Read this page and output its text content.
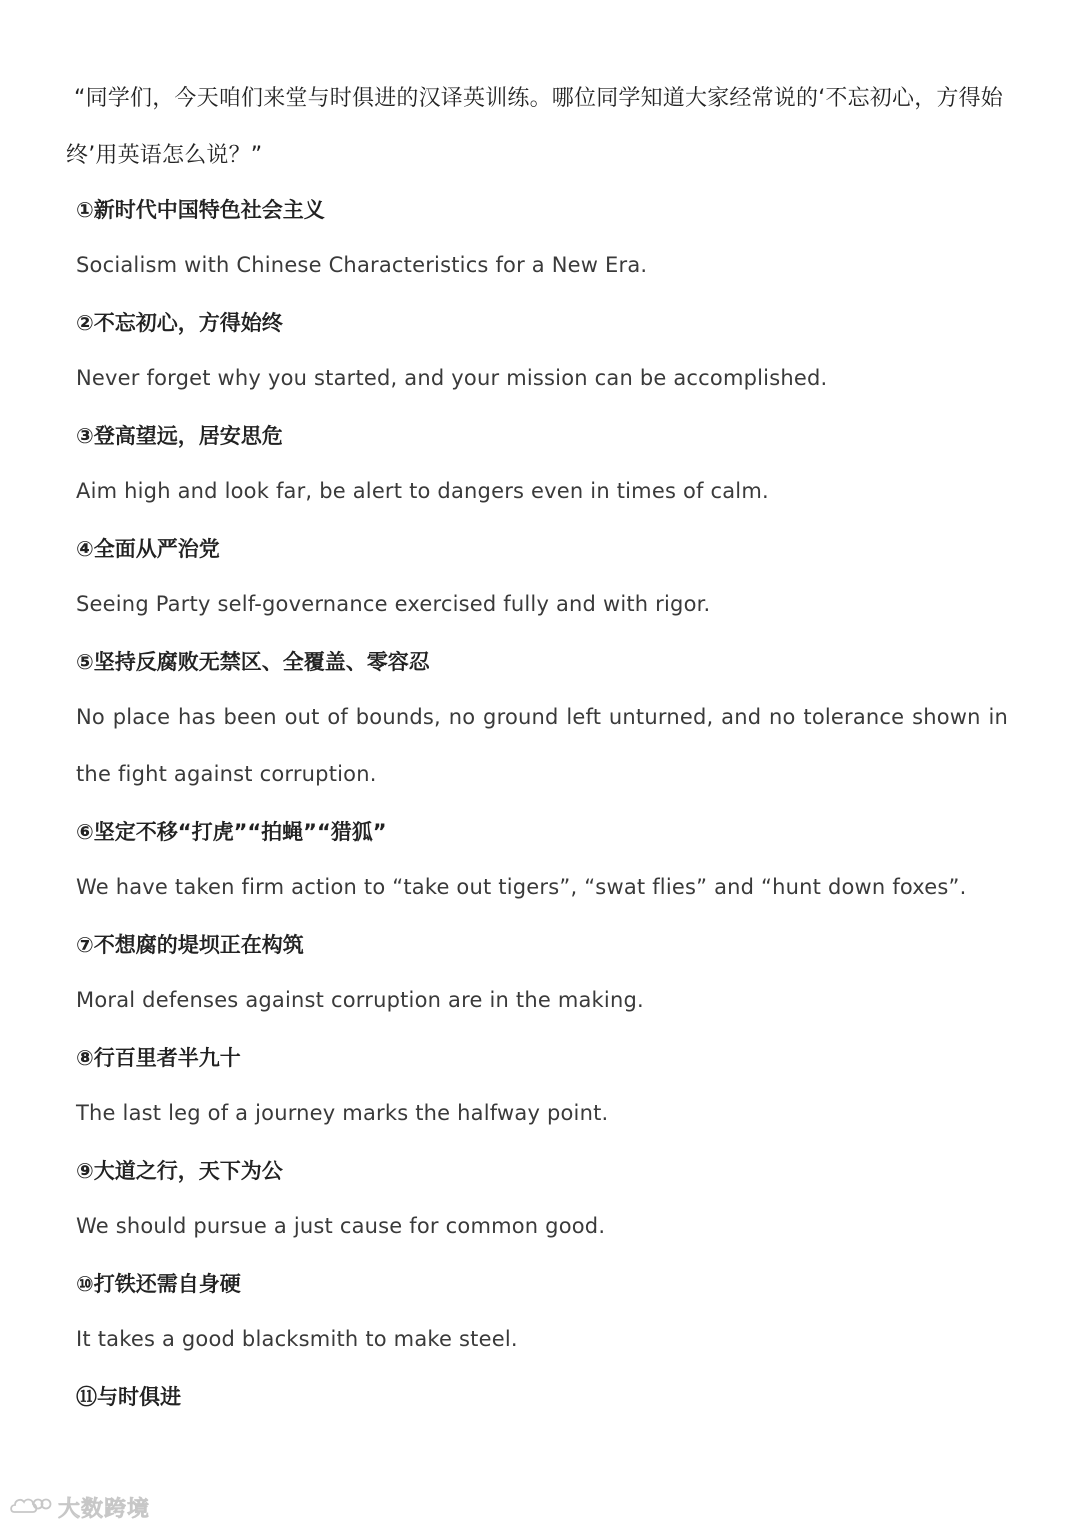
“同学们，今天咱们来堂与时俱进的汉译英训练。哪位同学知道大家经常说的‘不忘初心，方得始终’用英语怎么说？”
①新时代中国特色社会主义
Socialism with Chinese Characteristics for a New Era.
②不忘初心，方得始终
Never forget why you started, and your mission can be accomplished.
③登高望远，居安思危
Aim high and look far, be alert to dangers even in times of calm.
④全面从严治党
Seeing Party self-governance exercised fully and with rigor.
⑤坚持反腐败无禁区、全覆盖、零容忍
No place has been out of bounds, no ground left unturned, and no tolerance shown in the fight against corruption.
⑥坚定不移“打虎”“拍蝇”“猎狐”
We have taken firm action to “take out tigers”, “swat flies” and “hunt down foxes”.
⑦不想腐的堤坝正在构筑
Moral defenses against corruption are in the making.
⑧行百里者半九十
The last leg of a journey marks the halfway point.
⑨大道之行，天下为公
We should pursue a just cause for common good.
⑩打铁还需自身硬
It takes a good blacksmith to make steel.
⑪与时俱进
大数跨境
